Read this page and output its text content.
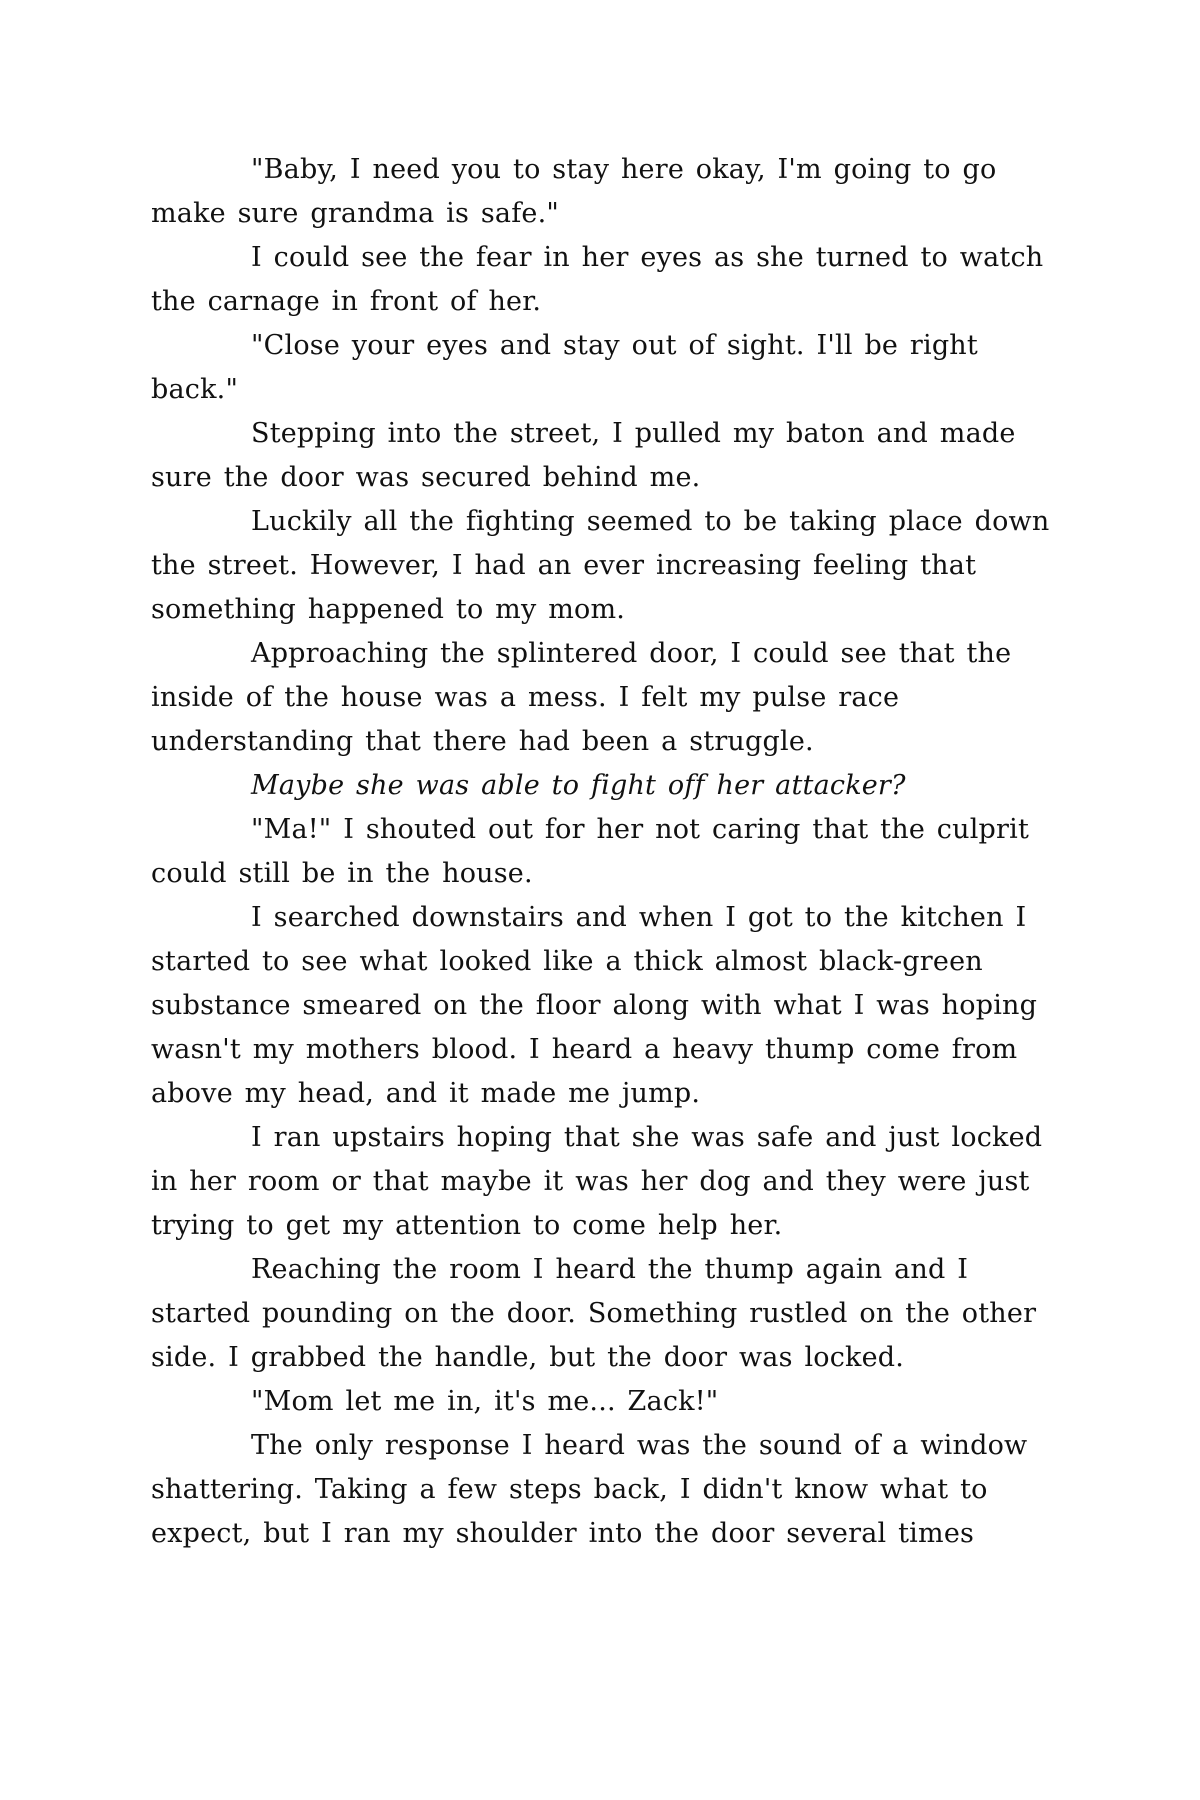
"Baby, I need you to stay here okay, I'm going to go make sure grandma is safe."

I could see the fear in her eyes as she turned to watch the carnage in front of her.

"Close your eyes and stay out of sight. I'll be right back."

Stepping into the street, I pulled my baton and made sure the door was secured behind me.

Luckily all the fighting seemed to be taking place down the street. However, I had an ever increasing feeling that something happened to my mom.

Approaching the splintered door, I could see that the inside of the house was a mess. I felt my pulse race understanding that there had been a struggle.

Maybe she was able to fight off her attacker?

"Ma!" I shouted out for her not caring that the culprit could still be in the house.

I searched downstairs and when I got to the kitchen I started to see what looked like a thick almost black-green substance smeared on the floor along with what I was hoping wasn't my mothers blood. I heard a heavy thump come from above my head, and it made me jump.

I ran upstairs hoping that she was safe and just locked in her room or that maybe it was her dog and they were just trying to get my attention to come help her.

Reaching the room I heard the thump again and I started pounding on the door. Something rustled on the other side. I grabbed the handle, but the door was locked.

"Mom let me in, it's me... Zack!"

The only response I heard was the sound of a window shattering. Taking a few steps back, I didn't know what to expect, but I ran my shoulder into the door several times
